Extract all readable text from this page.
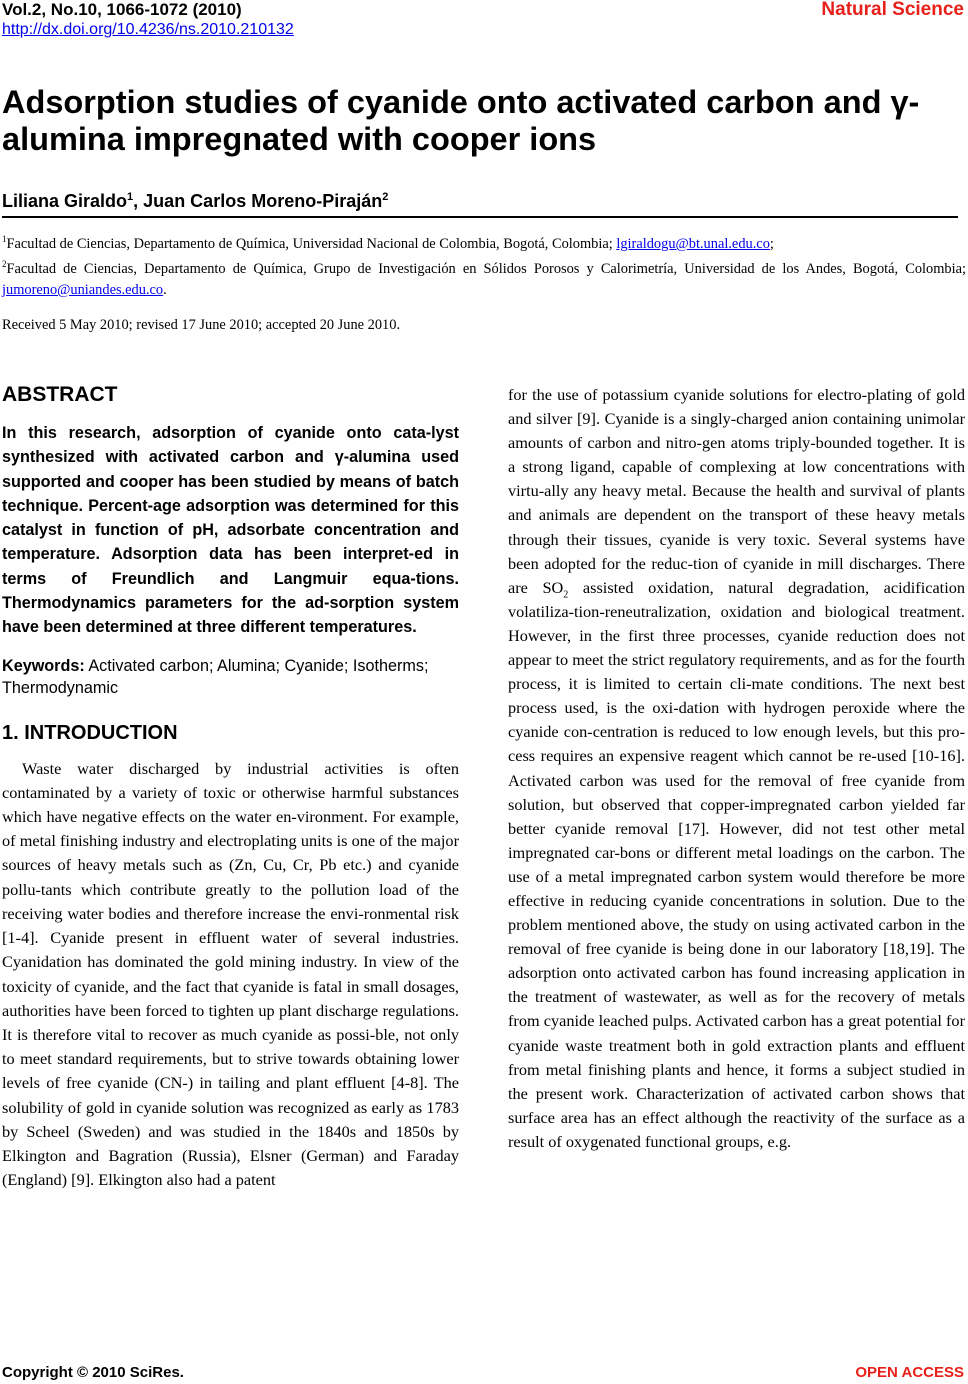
Vol.2, No.10, 1066-1072 (2010)
http://dx.doi.org/10.4236/ns.2010.210132
Natural Science
Adsorption studies of cyanide onto activated carbon and γ-alumina impregnated with cooper ions
Liliana Giraldo$^1$, Juan Carlos Moreno-Piraján$^2$

$^1$Facultad de Ciencias, Departamento de Química, Universidad Nacional de Colombia, Bogotá, Colombia; lgiraldogu@bt.unal.edu.co;

$^2$Facultad de Ciencias, Departamento de Química, Grupo de Investigación en Sólidos Porosos y Calorimetría, Universidad de los Andes, Bogotá, Colombia; jumoreno@uniandes.edu.co.

Received 5 May 2010; revised 17 June 2010; accepted 20 June 2010.
ABSTRACT

In this research, adsorption of cyanide onto cata-lyst synthesized with activated carbon and γ-alumina used supported and cooper has been studied by means of batch technique. Percent-age adsorption was determined for this catalyst in function of pH, adsorbate concentration and temperature. Adsorption data has been interpret-ed in terms of Freundlich and Langmuir equa-tions. Thermodynamics parameters for the ad-sorption system have been determined at three different temperatures.

Keywords: Activated carbon; Alumina; Cyanide; Isotherms; Thermodynamic

1. INTRODUCTION

Waste water discharged by industrial activities is often contaminated by a variety of toxic or otherwise harmful substances which have negative effects on the water en-vironment. For example, of metal finishing industry and electroplating units is one of the major sources of heavy metals such as (Zn, Cu, Cr, Pb etc.) and cyanide pollu-tants which contribute greatly to the pollution load of the receiving water bodies and therefore increase the envi-ronmental risk [1-4]. Cyanide present in effluent water of several industries. Cyanidation has dominated the gold mining industry. In view of the toxicity of cyanide, and the fact that cyanide is fatal in small dosages, authorities have been forced to tighten up plant discharge regulations. It is therefore vital to recover as much cyanide as possi-ble, not only to meet standard requirements, but to strive towards obtaining lower levels of free cyanide (CN-) in tailing and plant effluent [4-8]. The solubility of gold in cyanide solution was recognized as early as 1783 by Scheel (Sweden) and was studied in the 1840s and 1850s by Elkington and Bagration (Russia), Elsner (German) and Faraday (England) [9]. Elkington also had a patent

for the use of potassium cyanide solutions for electro-plating of gold and silver [9]. Cyanide is a singly-charged anion containing unimolar amounts of carbon and nitro-gen atoms triply-bounded together. It is a strong ligand, capable of complexing at low concentrations with virtu-ally any heavy metal. Because the health and survival of plants and animals are dependent on the transport of these heavy metals through their tissues, cyanide is very toxic. Several systems have been adopted for the reduc-tion of cyanide in mill discharges. There are $SO_2$ assisted oxidation, natural degradation, acidification volatiliza-tion-reneutralization, oxidation and biological treatment. However, in the first three processes, cyanide reduction does not appear to meet the strict regulatory requirements, and as for the fourth process, it is limited to certain cli-mate conditions. The next best process used, is the oxi-dation with hydrogen peroxide where the cyanide con-centration is reduced to low enough levels, but this pro-cess requires an expensive reagent which cannot be re-used [10-16]. Activated carbon was used for the removal of free cyanide from solution, but observed that copper-impregnated carbon yielded far better cyanide removal [17]. However, did not test other metal impregnated car-bons or different metal loadings on the carbon. The use of a metal impregnated carbon system would therefore be more effective in reducing cyanide concentrations in solution. Due to the problem mentioned above, the study on using activated carbon in the removal of free cyanide is being done in our laboratory [18,19]. The adsorption onto activated carbon has found increasing application in the treatment of wastewater, as well as for the recovery of metals from cyanide leached pulps. Activated carbon has a great potential for cyanide waste treatment both in gold extraction plants and effluent from metal finishing plants and hence, it forms a subject studied in the present work. Characterization of activated carbon shows that surface area has an effect although the reactivity of the surface as a result of oxygenated functional groups, e.g.

Copyright © 2010 SciRes.	OPEN ACCESS
